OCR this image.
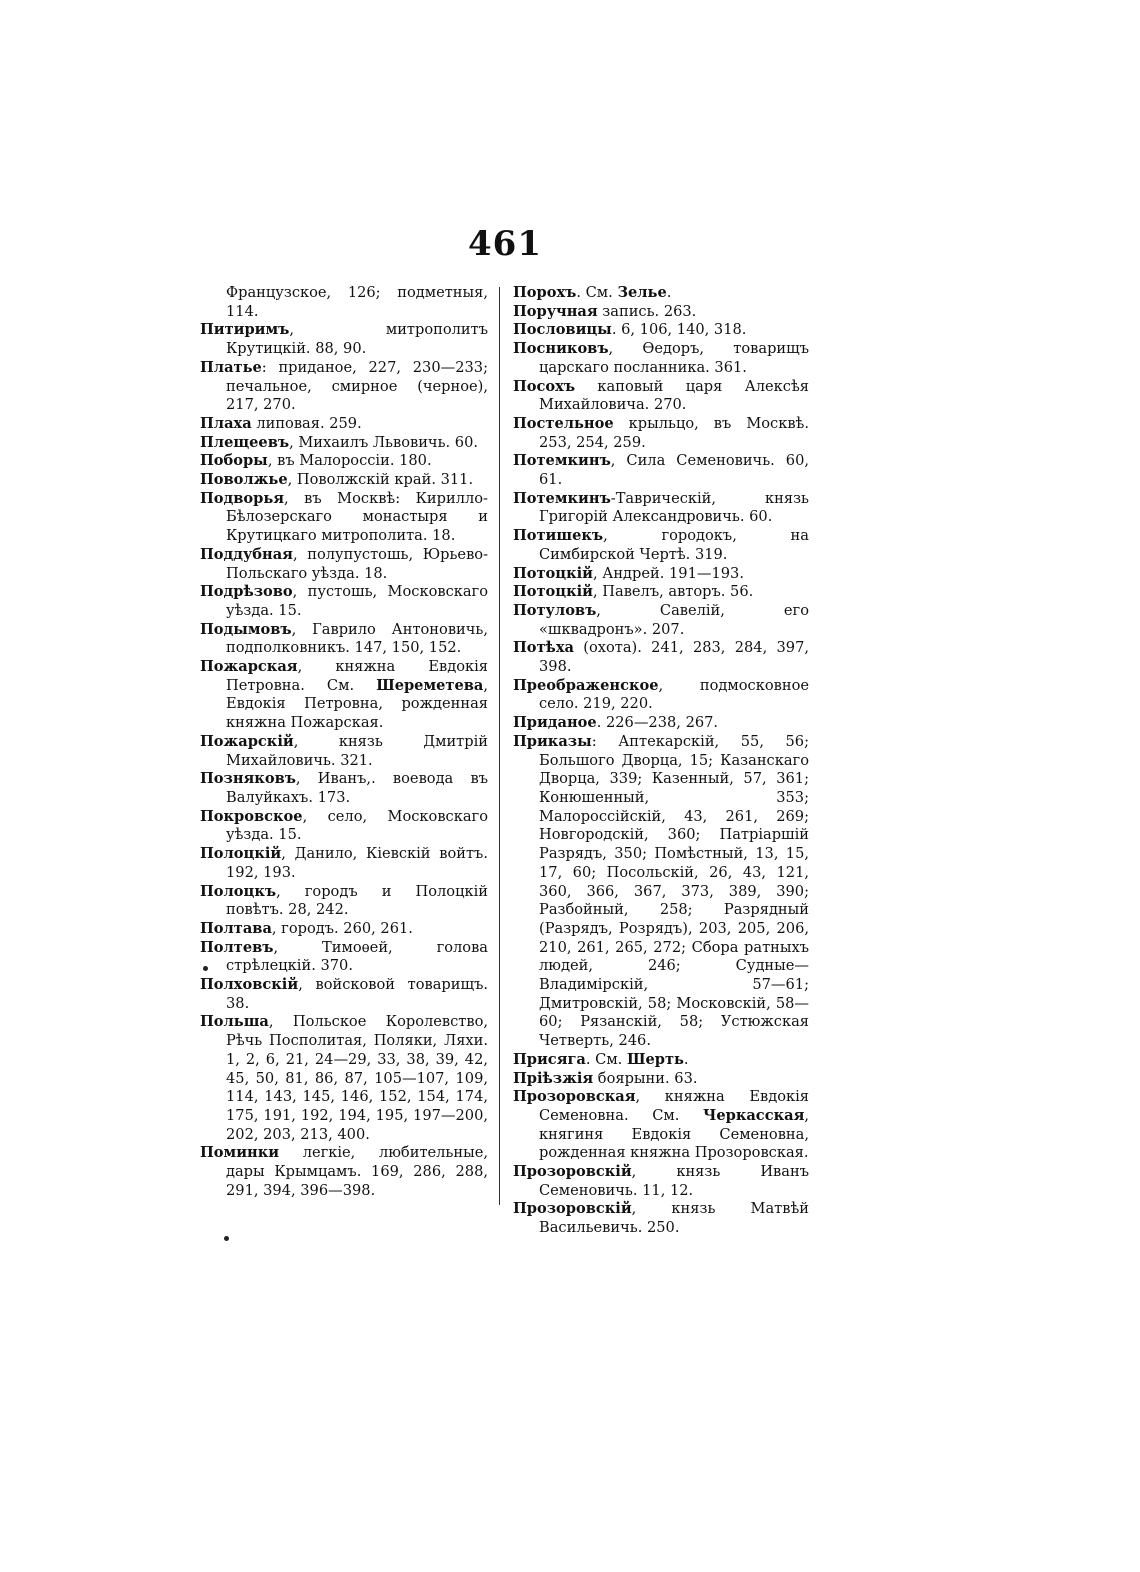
461

Французское, 126; подметныя, 114.

Питиримъ, митрополитъ Крутицкій. 88, 90.

Платье: приданое, 227, 230—233; печальное, смирное (черное), 217, 270.

Плаха липовая. 259.

Плещеевъ, Михаилъ Львовичь. 60.

Поборы, въ Малороссіи. 180.

Поволжье, Поволжскій край. 311.

Подворья, въ Москвѣ: Кирилло-Бѣлозерскаго монастыря и Крутицкаго митрополита. 18.

Поддубная, полупустошь, Юрьево-Польскаго уѣзда. 18.

Подрѣзово, пустошь, Московскаго уѣзда. 15.

Подымовъ, Гаврило Антоновичь, подполковникъ. 147, 150, 152.

Пожарская, княжна Евдокія Петровна. См. Шереметева, Евдокія Петровна, рожденная княжна Пожарская.

Пожарскій, князь Дмитрій Михайловичь. 321.

Позняковъ, Иванъ,. воевода въ Валуйкахъ. 173.

Покровское, село, Московскаго уѣзда. 15.

Полоцкій, Данило, Кіевскій войтъ. 192, 193.

Полоцкъ, городъ и Полоцкій повѣтъ. 28, 242.

Полтава, городъ. 260, 261.

Полтевъ, Тимоѳей, голова стрѣлецкій. 370.

Полховскій, войсковой товарищъ. 38.

Польша, Польское Королевство, Рѣчь Посполитая, Поляки, Ляхи. 1, 2, 6, 21, 24—29, 33, 38, 39, 42, 45, 50, 81, 86, 87, 105—107, 109, 114, 143, 145, 146, 152, 154, 174, 175, 191, 192, 194, 195, 197—200, 202, 203, 213, 400.

Поминки легкіе, любительные, дары Крымцамъ. 169, 286, 288, 291, 394, 396—398.

Порохъ. См. Зелье.

Поручная запись. 263.

Пословицы. 6, 106, 140, 318.

Посниковъ, Ѳедоръ, товарищъ царскаго посланника. 361.

Посохъ каповый царя Алексѣя Михайловича. 270.

Постельное крыльцо, въ Москвѣ. 253, 254, 259.

Потемкинъ, Сила Семеновичь. 60, 61.

Потемкинъ-Таврическій, князь Григорій Александровичь. 60.

Потишекъ, городокъ, на Симбирской Чертѣ. 319.

Потоцкій, Андрей. 191—193.

Потоцкій, Павелъ, авторъ. 56.

Потуловъ, Савелій, его «шквадронъ». 207.

Потѣха (охота). 241, 283, 284, 397, 398.

Преображенское, подмосковное село. 219, 220.

Приданое. 226—238, 267.

Приказы: Аптекарскій, 55, 56; Большого Дворца, 15; Казанскаго Дворца, 339; Казенный, 57, 361; Конюшенный, 353; Малороссійскій, 43, 261, 269; Новгородскій, 360; Патріаршій Разрядъ, 350; Помѣстный, 13, 15, 17, 60; Посольскій, 26, 43, 121, 360, 366, 367, 373, 389, 390; Разбойный, 258; Разрядный (Разрядъ, Розрядъ), 203, 205, 206, 210, 261, 265, 272; Сбора ратныхъ людей, 246; Судные—Владимірскій, 57—61; Дмитровскій, 58; Московскій, 58—60; Рязанскій, 58; Устюжская Четверть, 246.

Присяга. См. Шерть.

Пріѣзжія боярыни. 63.

Прозоровская, княжна Евдокія Семеновна. См. Черкасская, княгиня Евдокія Семеновна, рожденная княжна Прозоровская.

Прозоровскій, князь Иванъ Семеновичь. 11, 12.

Прозоровскій, князь Матвѣй Васильевичь. 250.
